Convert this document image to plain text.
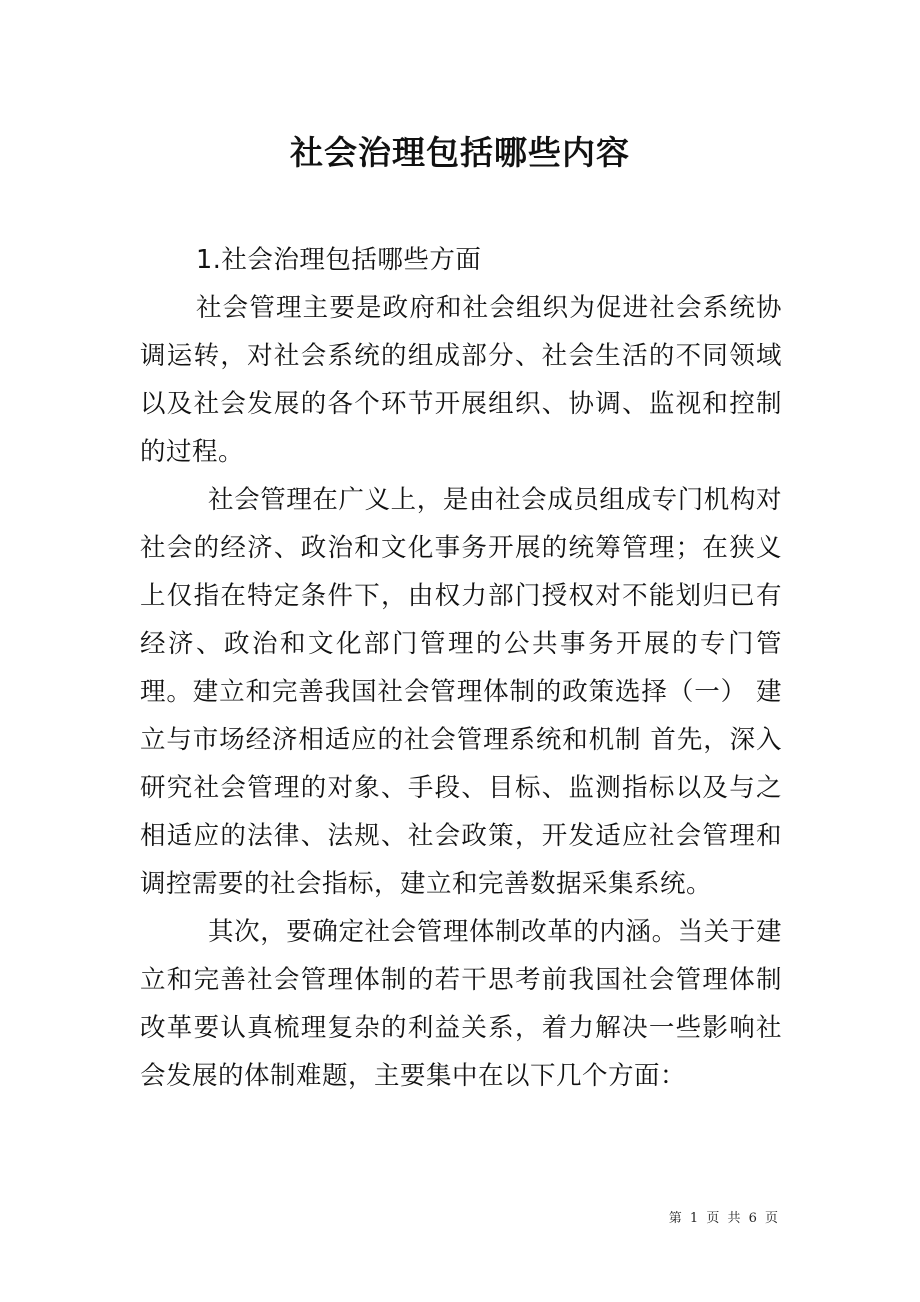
社会治理包括哪些内容

1.社会治理包括哪些方面

社会管理主要是政府和社会组织为促进社会系统协调运转，对社会系统的组成部分、社会生活的不同领域以及社会发展的各个环节开展组织、协调、监视和控制的过程。

社会管理在广义上，是由社会成员组成专门机构对社会的经济、政治和文化事务开展的统筹管理；在狭义上仅指在特定条件下，由权力部门授权对不能划归已有经济、政治和文化部门管理的公共事务开展的专门管理。建立和完善我国社会管理体制的政策选择（一） 建立与市场经济相适应的社会管理系统和机制 首先，深入研究社会管理的对象、手段、目标、监测指标以及与之相适应的法律、法规、社会政策，开发适应社会管理和调控需要的社会指标，建立和完善数据采集系统。

其次，要确定社会管理体制改革的内涵。当关于建立和完善社会管理体制的若干思考前我国社会管理体制改革要认真梳理复杂的利益关系，着力解决一些影响社会发展的体制难题，主要集中在以下几个方面：

第 1 页 共 6 页
